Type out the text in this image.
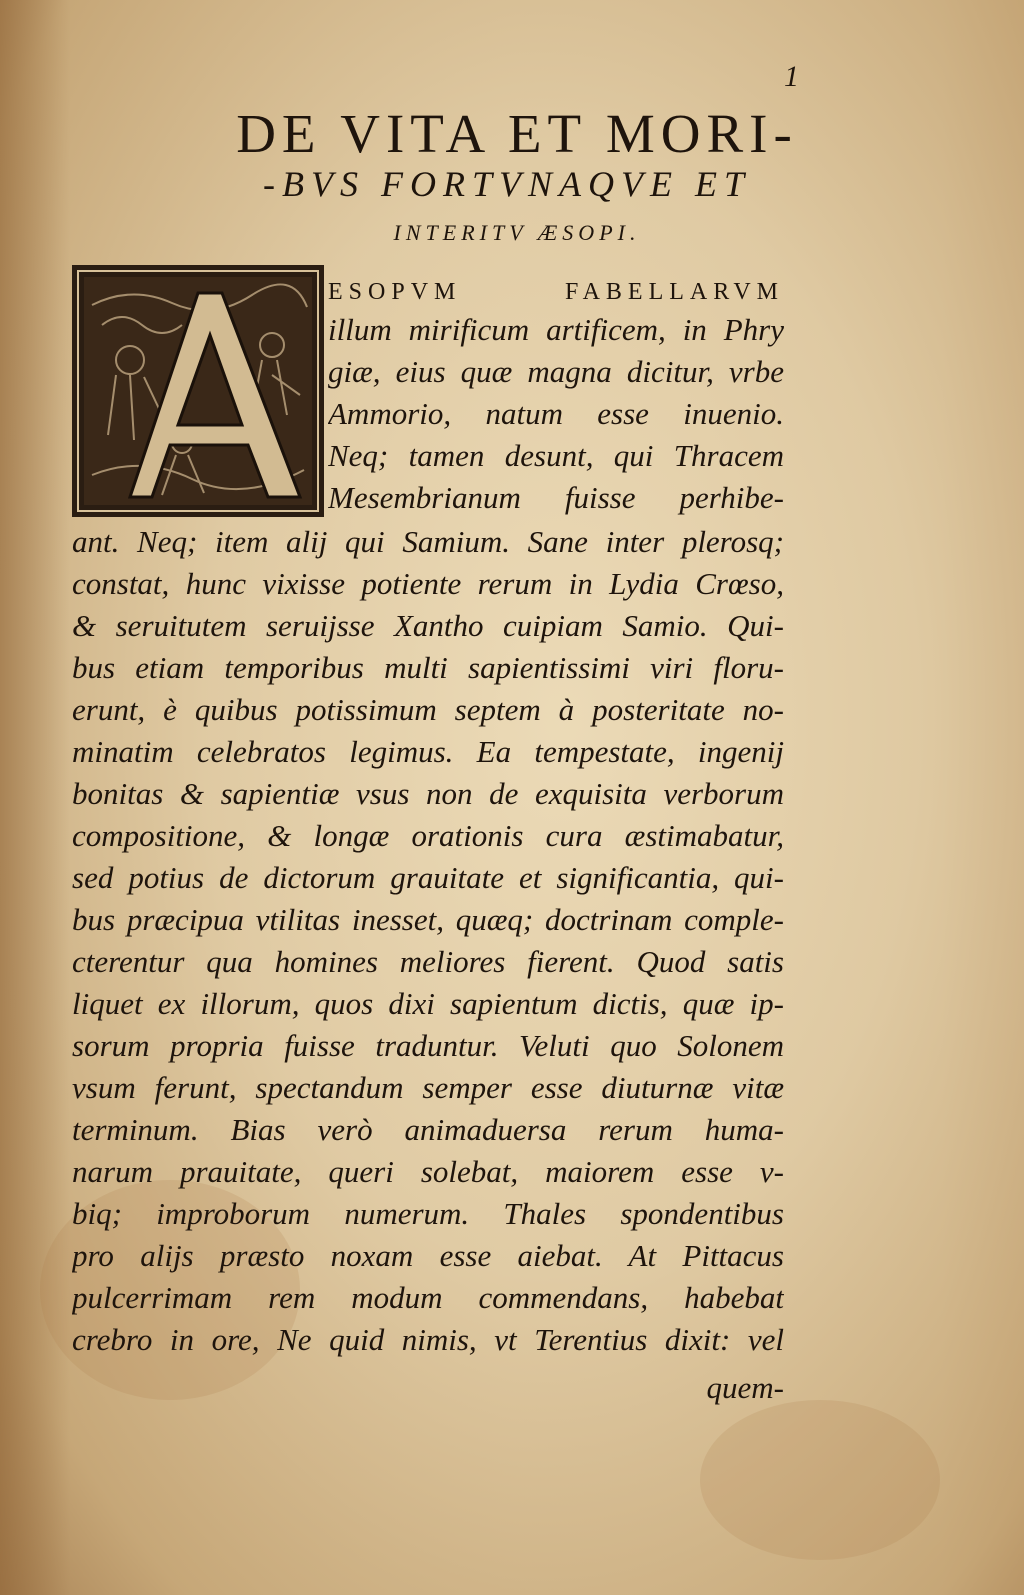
1
DE VITA ET MORI-
-BVS FORTVNAQVE ET
INTERITV ÆSOPI.
ESOPVM FABELLARVM
illum mirificum artificem, in Phry
giæ, eius quæ magna dicitur, vrbe
Ammorio, natum esse inuenio.
Neq; tamen desunt, qui Thracem
Mesembrianum fuisse perhibe-
ant. Neq; item alij qui Samium. Sane inter plerosq;
constat, hunc vixisse potiente rerum in Lydia Crœso,
& seruitutem seruijsse Xantho cuipiam Samio. Qui-
bus etiam temporibus multi sapientissimi viri floru-
erunt, è quibus potissimum septem à posteritate no-
minatim celebratos legimus. Ea tempestate, ingenij
bonitas & sapientiæ vsus non de exquisita verborum
compositione, & longæ orationis cura æstimabatur,
sed potius de dictorum grauitate et significantia, qui-
bus præcipua vtilitas inesset, quæq; doctrinam comple-
cterentur qua homines meliores fierent. Quod satis
liquet ex illorum, quos dixi sapientum dictis, quæ ip-
sorum propria fuisse traduntur. Veluti quo Solonem
vsum ferunt, spectandum semper esse diuturnæ vitæ
terminum. Bias verò animaduersa rerum huma-
narum prauitate, queri solebat, maiorem esse v-
biq; improborum numerum. Thales spondentibus
pro alijs præsto noxam esse aiebat. At Pittacus
pulcerrimam rem modum commendans, habebat
crebro in ore, Ne quid nimis, vt Terentius dixit: vel
quem-
